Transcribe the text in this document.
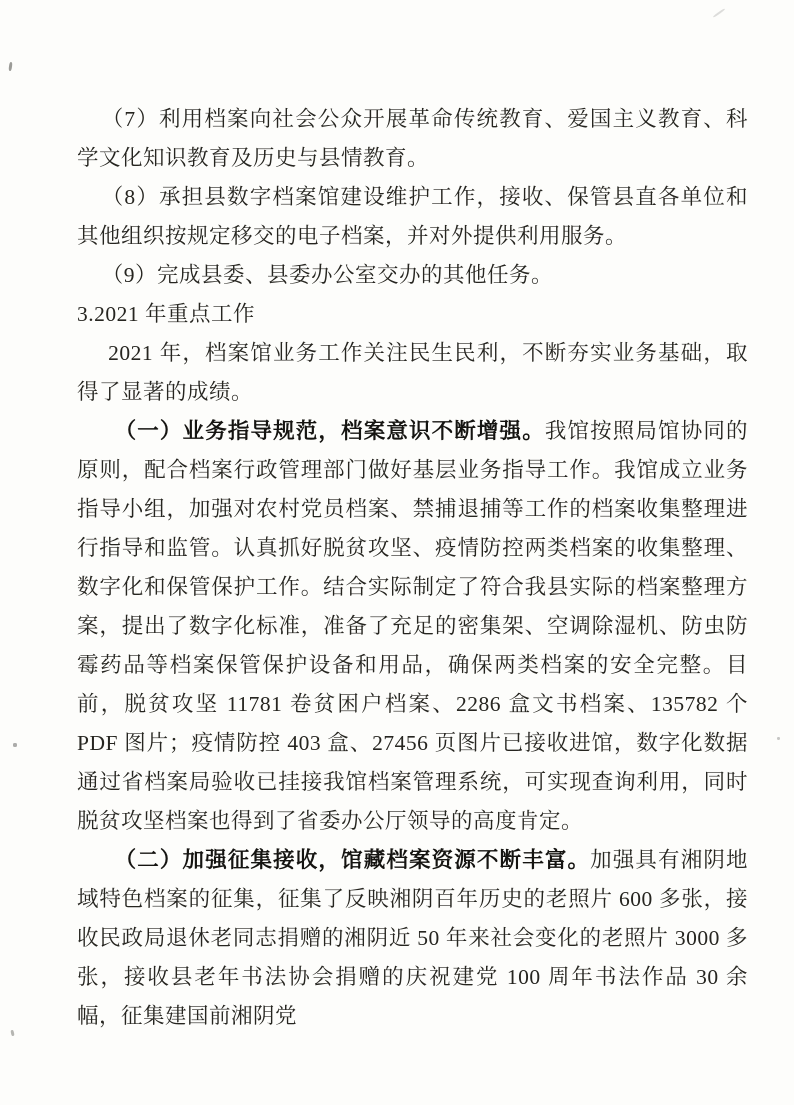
（7）利用档案向社会公众开展革命传统教育、爱国主义教育、科学文化知识教育及历史与县情教育。

（8）承担县数字档案馆建设维护工作，接收、保管县直各单位和其他组织按规定移交的电子档案，并对外提供利用服务。

（9）完成县委、县委办公室交办的其他任务。

3.2021 年重点工作

2021 年，档案馆业务工作关注民生民利，不断夯实业务基础，取得了显著的成绩。

（一）业务指导规范，档案意识不断增强。我馆按照局馆协同的原则，配合档案行政管理部门做好基层业务指导工作。我馆成立业务指导小组，加强对农村党员档案、禁捕退捕等工作的档案收集整理进行指导和监管。认真抓好脱贫攻坚、疫情防控两类档案的收集整理、数字化和保管保护工作。结合实际制定了符合我县实际的档案整理方案，提出了数字化标准，准备了充足的密集架、空调除湿机、防虫防霉药品等档案保管保护设备和用品，确保两类档案的安全完整。目前，脱贫攻坚 11781 卷贫困户档案、2286 盒文书档案、135782 个 PDF 图片；疫情防控 403 盒、27456 页图片已接收进馆，数字化数据通过省档案局验收已挂接我馆档案管理系统，可实现查询利用，同时脱贫攻坚档案也得到了省委办公厅领导的高度肯定。

（二）加强征集接收，馆藏档案资源不断丰富。加强具有湘阴地域特色档案的征集，征集了反映湘阴百年历史的老照片 600 多张，接收民政局退休老同志捐赠的湘阴近 50 年来社会变化的老照片 3000 多张，接收县老年书法协会捐赠的庆祝建党 100 周年书法作品 30 余幅，征集建国前湘阴党
